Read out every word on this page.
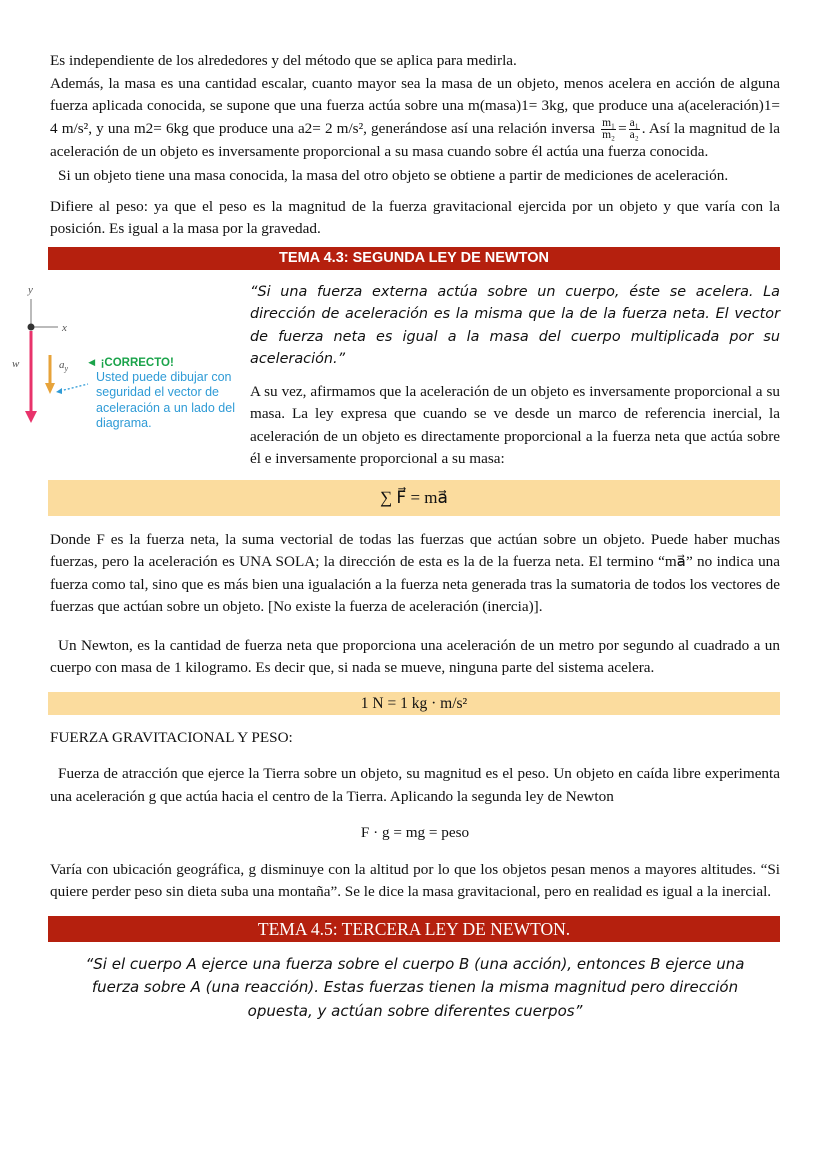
Es independiente de los alrededores y del método que se aplica para medirla.

Además, la masa es una cantidad escalar, cuanto mayor sea la masa de un objeto, menos acelera en acción de alguna fuerza aplicada conocida, se supone que una fuerza actúa sobre una m(masa)1= 3kg, que produce una a(aceleración)1= 4 m/s², y una m2= 6kg que produce una a2= 2 m/s², generándose así una relación inversa $\frac{\text{m₁}}{\text{m₂}} = \frac{\text{a₁}}{\text{a₂}}$ . Así la magnitud de la aceleración de un objeto es inversamente proporcional a su masa cuando sobre él actúa una fuerza conocida.

Si un objeto tiene una masa conocida, la masa del otro objeto se obtiene a partir de mediciones de aceleración.

Difiere al peso: ya que el peso es la magnitud de la fuerza gravitacional ejercida por un objeto y que varía con la posición. Es igual a la masa por la gravedad.

TEMA 4.3: SEGUNDA LEY DE NEWTON
y
x
w	$a_y$ ◄ ¡CORRECTO!
Usted puede dibujar con seguridad el vector de aceleración a un lado del diagrama.

“Si una fuerza externa actúa sobre un cuerpo, éste se acelera. La dirección de aceleración es la misma que la de la fuerza neta. El vector de fuerza neta es igual a la masa del cuerpo multiplicada por su aceleración.”

A su vez, afirmamos que la aceleración de un objeto es inversamente proporcional a su masa. La ley expresa que cuando se ve desde un marco de referencia inercial, la aceleración de un objeto es directamente proporcional a la fuerza neta que actúa sobre él e inversamente proporcional a su masa:

∑ F⃗ = ma⃗

Donde F es la fuerza neta, la suma vectorial de todas las fuerzas que actúan sobre un objeto. Puede haber muchas fuerzas, pero la aceleración es UNA SOLA; la dirección de esta es la de la fuerza neta. El termino “ma⃗” no indica una fuerza como tal, sino que es más bien una igualación a la fuerza neta generada tras la sumatoria de todos los vectores de fuerzas que actúan sobre un objeto. [No existe la fuerza de aceleración (inercia)].

Un Newton, es la cantidad de fuerza neta que proporciona una aceleración de un metro por segundo al cuadrado a un cuerpo con masa de 1 kilogramo. Es decir que, si nada se mueve, ninguna parte del sistema acelera.

1 N = 1 kg · m/s²

FUERZA GRAVITACIONAL Y PESO:

Fuerza de atracción que ejerce la Tierra sobre un objeto, su magnitud es el peso. Un objeto en caída libre experimenta una aceleración g que actúa hacia el centro de la Tierra. Aplicando la segunda ley de Newton

F · g = mg = peso

Varía con ubicación geográfica, g disminuye con la altitud por lo que los objetos pesan menos a mayores altitudes. “Si quiere perder peso sin dieta suba una montaña”. Se le dice la masa gravitacional, pero en realidad es igual a la inercial.

TEMA 4.5: TERCERA LEY DE NEWTON.

“Si el cuerpo A ejerce una fuerza sobre el cuerpo B (una acción), entonces B ejerce una fuerza sobre A (una reacción). Estas fuerzas tienen la misma magnitud pero dirección opuesta, y actúan sobre diferentes cuerpos”
